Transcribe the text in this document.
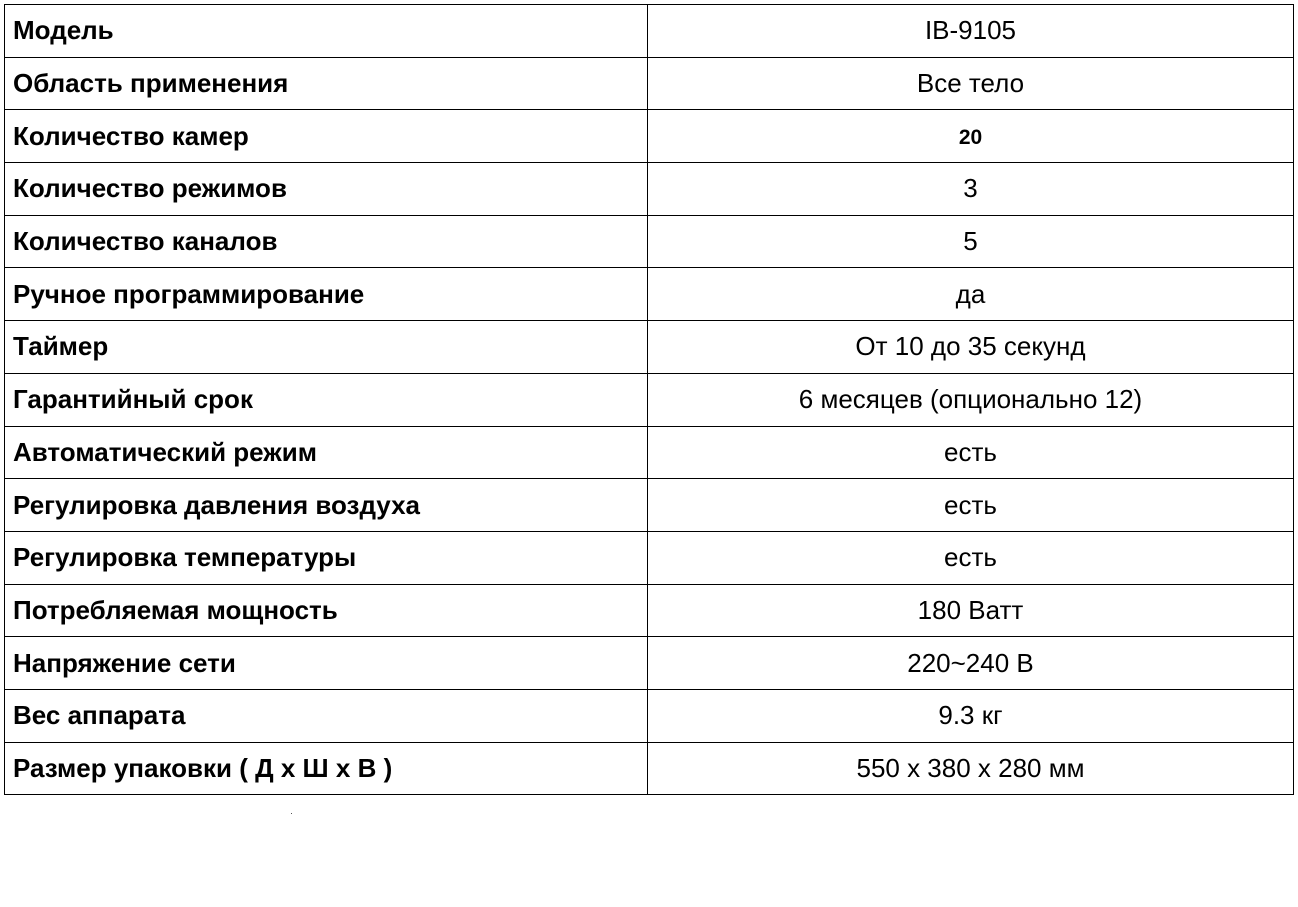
Модель	IB-9105
Область применения	Все тело
Количество камер	20
Количество режимов	3
Количество каналов	5
Ручное программирование	да
Таймер	От 10 до 35 секунд
Гарантийный срок	6 месяцев (опционально 12)
Автоматический режим	есть
Регулировка давления воздуха	есть
Регулировка температуры	есть
Потребляемая мощность	180 Ватт
Напряжение сети	220~240 В
Вес аппарата	9.3 кг
Размер упаковки ( Д х Ш х В )	550 х 380 х 280 мм
